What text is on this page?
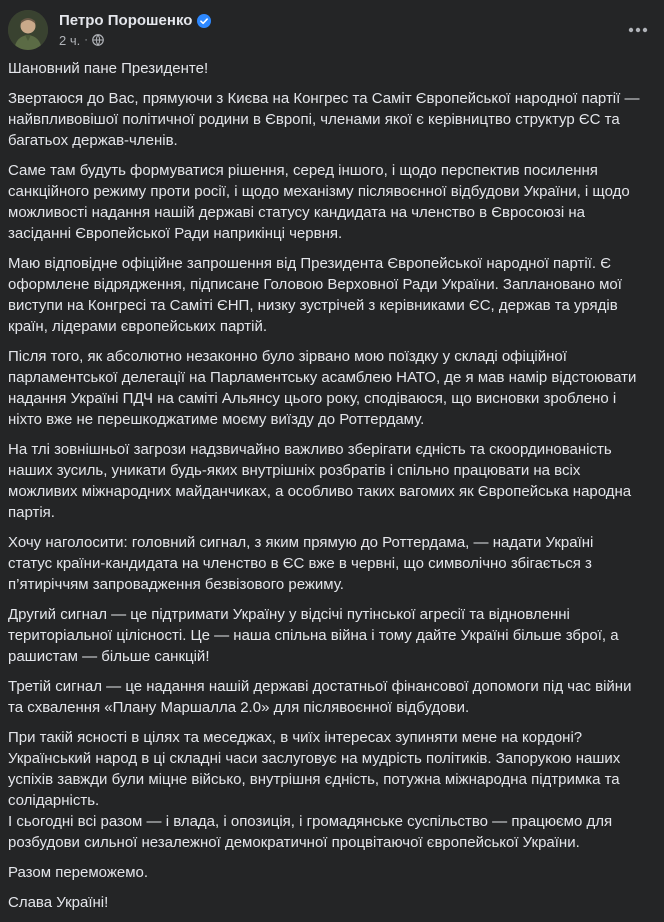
Петро Порошенко
2 ч. ·

Шановний пане Президенте!

Звертаюся до Вас, прямуючи з Києва на Конгрес та Саміт Європейської народної партії — найвпливовішої політичної родини в Європі, членами якої є керівництво структур ЄС та багатьох держав-членів.

Саме там будуть формуватися рішення, серед іншого, і щодо перспектив посилення санкційного режиму проти росії, і щодо механізму післявоєнної відбудови України, і щодо можливості надання нашій державі статусу кандидата на членство в Євросоюзі на засіданні Європейської Ради наприкінці червня.

Маю відповідне офіційне запрошення від Президента Європейської народної партії. Є оформлене відрядження, підписане Головою Верховної Ради України. Заплановано мої виступи на Конгресі та Саміті ЄНП, низку зустрічей з керівниками ЄС, держав та урядів країн, лідерами європейських партій.

Після того, як абсолютно незаконно було зірвано мою поїздку у складі офіційної парламентської делегації на Парламентську асамблею НАТО, де я мав намір відстоювати надання Україні ПДЧ на саміті Альянсу цього року, сподіваюся, що висновки зроблено і ніхто вже не перешкоджатиме моєму виїзду до Роттердаму.

На тлі зовнішньої загрози надзвичайно важливо зберігати єдність та скоординованість наших зусиль, уникати будь-яких внутрішніх розбратів і спільно працювати на всіх можливих міжнародних майданчиках, а особливо таких вагомих як Європейська народна партія.

Хочу наголосити: головний сигнал, з яким прямую до Роттердама, — надати Україні статус країни-кандидата на членство в ЄС вже в червні, що символічно збігається з п’ятиріччям запровадження безвізового режиму.

Другий сигнал — це підтримати Україну у відсічі путінської агресії та відновленні територіальної цілісності. Це — наша спільна війна і тому дайте Україні більше зброї, а рашистам — більше санкцій!

Третій сигнал — це надання нашій державі достатньої фінансової допомоги під час війни та схвалення «Плану Маршалла 2.0» для післявоєнної відбудови.

При такій ясності в цілях та меседжах, в чиїх інтересах зупиняти мене на кордоні? Український народ в ці складні часи заслуговує на мудрість політиків. Запорукою наших успіхів завжди були міцне військо, внутрішня єдність, потужна міжнародна підтримка та солідарність.

І сьогодні всі разом — і влада, і опозиція, і громадянське суспільство — працюємо для розбудови сильної незалежної демократичної процвітаючої європейської України.

Разом переможемо.

Слава Україні!
